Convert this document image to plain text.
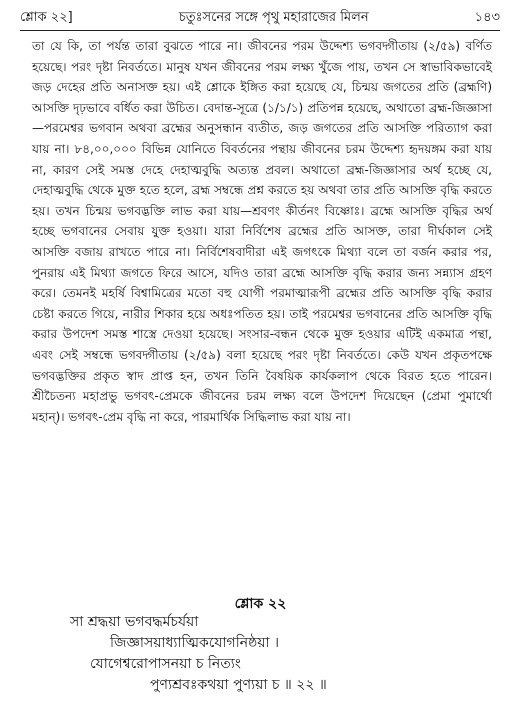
শ্লোক ২২]	চতুঃসনের সঙ্গে পৃথু মহারাজের মিলন	১৪৩

তা যে কি, তা পর্যন্ত তারা বুঝতে পারে না। জীবনের পরম উদ্দেশ্য ভগবদ্গীতায় (২/৫৯) বর্ণিত হয়েছে। পরং দৃষ্টা নিবর্ততে। মানুষ যখন জীবনের পরম লক্ষ্য খুঁজে পায়, তখন সে স্বাভাবিকভাবেই জড় দেহের প্রতি অনাসক্ত হয়। এই শ্লোকে ইঙ্গিত করা হয়েছে যে, চিন্ময় জগতের প্রতি (ব্রহ্মণি) আসক্তি দৃঢ়ভাবে বর্ধিত করা উচিত। বেদান্ত-সূত্রে (১/১/১) প্রতিপন্ন হয়েছে, অথাতো ব্রহ্ম-জিজ্ঞাসা —পরমেশ্বর ভগবান অথবা ব্রহ্মের অনুসন্ধান ব্যতীত, জড় জগতের প্রতি আসক্তি পরিত্যাগ করা যায় না। ৮৪,০০,০০০ বিভিন্ন যোনিতে বিবর্তনের পন্থায় জীবনের চরম উদ্দেশ্য হৃদয়ঙ্গম করা যায় না, কারণ সেই সমস্ত দেহে দেহাত্মবুদ্ধি অত্যন্ত প্রবল। অথাতো ব্রহ্ম-জিজ্ঞাসার অর্থ হচ্ছে যে, দেহাত্মবুদ্ধি থেকে মুক্ত হতে হলে, ব্রহ্ম সম্বন্ধে প্রশ্ন করতে হয় অথবা তার প্রতি আসক্তি বৃদ্ধি করতে হয়। তখন চিন্ময় ভগবদ্ভক্তি লাভ করা যায়—শ্রবণং কীর্তনং বিষ্ণোঃ। ব্রহ্মে আসক্তি বৃদ্ধির অর্থ হচ্ছে ভগবানের সেবায় যুক্ত হওয়া। যারা নির্বিশেষ ব্রহ্মের প্রতি আসক্ত, তারা দীর্ঘকাল সেই আসক্তি বজায় রাখতে পারে না। নির্বিশেষবাদীরা এই জগৎকে মিথ্যা বলে তা বর্জন করার পর, পুনরায় এই মিথ্যা জগতে ফিরে আসে, যদিও তারা ব্রহ্মে আসক্তি বৃদ্ধি করার জন্য সন্ন্যাস গ্রহণ করে। তেমনই মহর্ষি বিশ্বামিত্রের মতো বহু যোগী পরমাত্মারূপী ব্রহ্মের প্রতি আসক্তি বৃদ্ধি করার চেষ্টা করতে গিয়ে, নারীর শিকার হয়ে অধঃপতিত হয়। তাই পরমেশ্বর ভগবানের প্রতি আসক্তি বৃদ্ধি করার উপদেশ সমস্ত শাস্ত্রে দেওয়া হয়েছে। সংসার-বন্ধন থেকে মুক্ত হওয়ার এটিই একমাত্র পন্থা, এবং সেই সম্বন্ধে ভগবদ্গীতায় (২/৫৯) বলা হয়েছে পরং দৃষ্টা নিবর্ততে। কেউ যখন প্রকৃতপক্ষে ভগবদ্ভক্তির প্রকৃত স্বাদ প্রাপ্ত হন, তখন তিনি বৈষয়িক কার্যকলাপ থেকে বিরত হতে পারেন। শ্রীচৈতন্য মহাপ্রভু ভগবৎ-প্রেমকে জীবনের চরম লক্ষ্য বলে উপদেশ দিয়েছেন (প্রেমা পুমার্থো মহান্)। ভগবৎ-প্রেম বৃদ্ধি না করে, পারমার্থিক সিদ্ধিলাভ করা যায় না।

শ্লোক ২২
সা শ্রদ্ধয়া ভগবদ্ধর্মচর্যয়া
জিজ্ঞাসয়াধ্যাত্মিকযোগনিষ্ঠয়া ।
যোগেশ্বরোপাসনয়া চ নিত্যং
পুণ্যশ্রবঃকথয়া পুণ্যয়া চ ॥ ২২ ॥
